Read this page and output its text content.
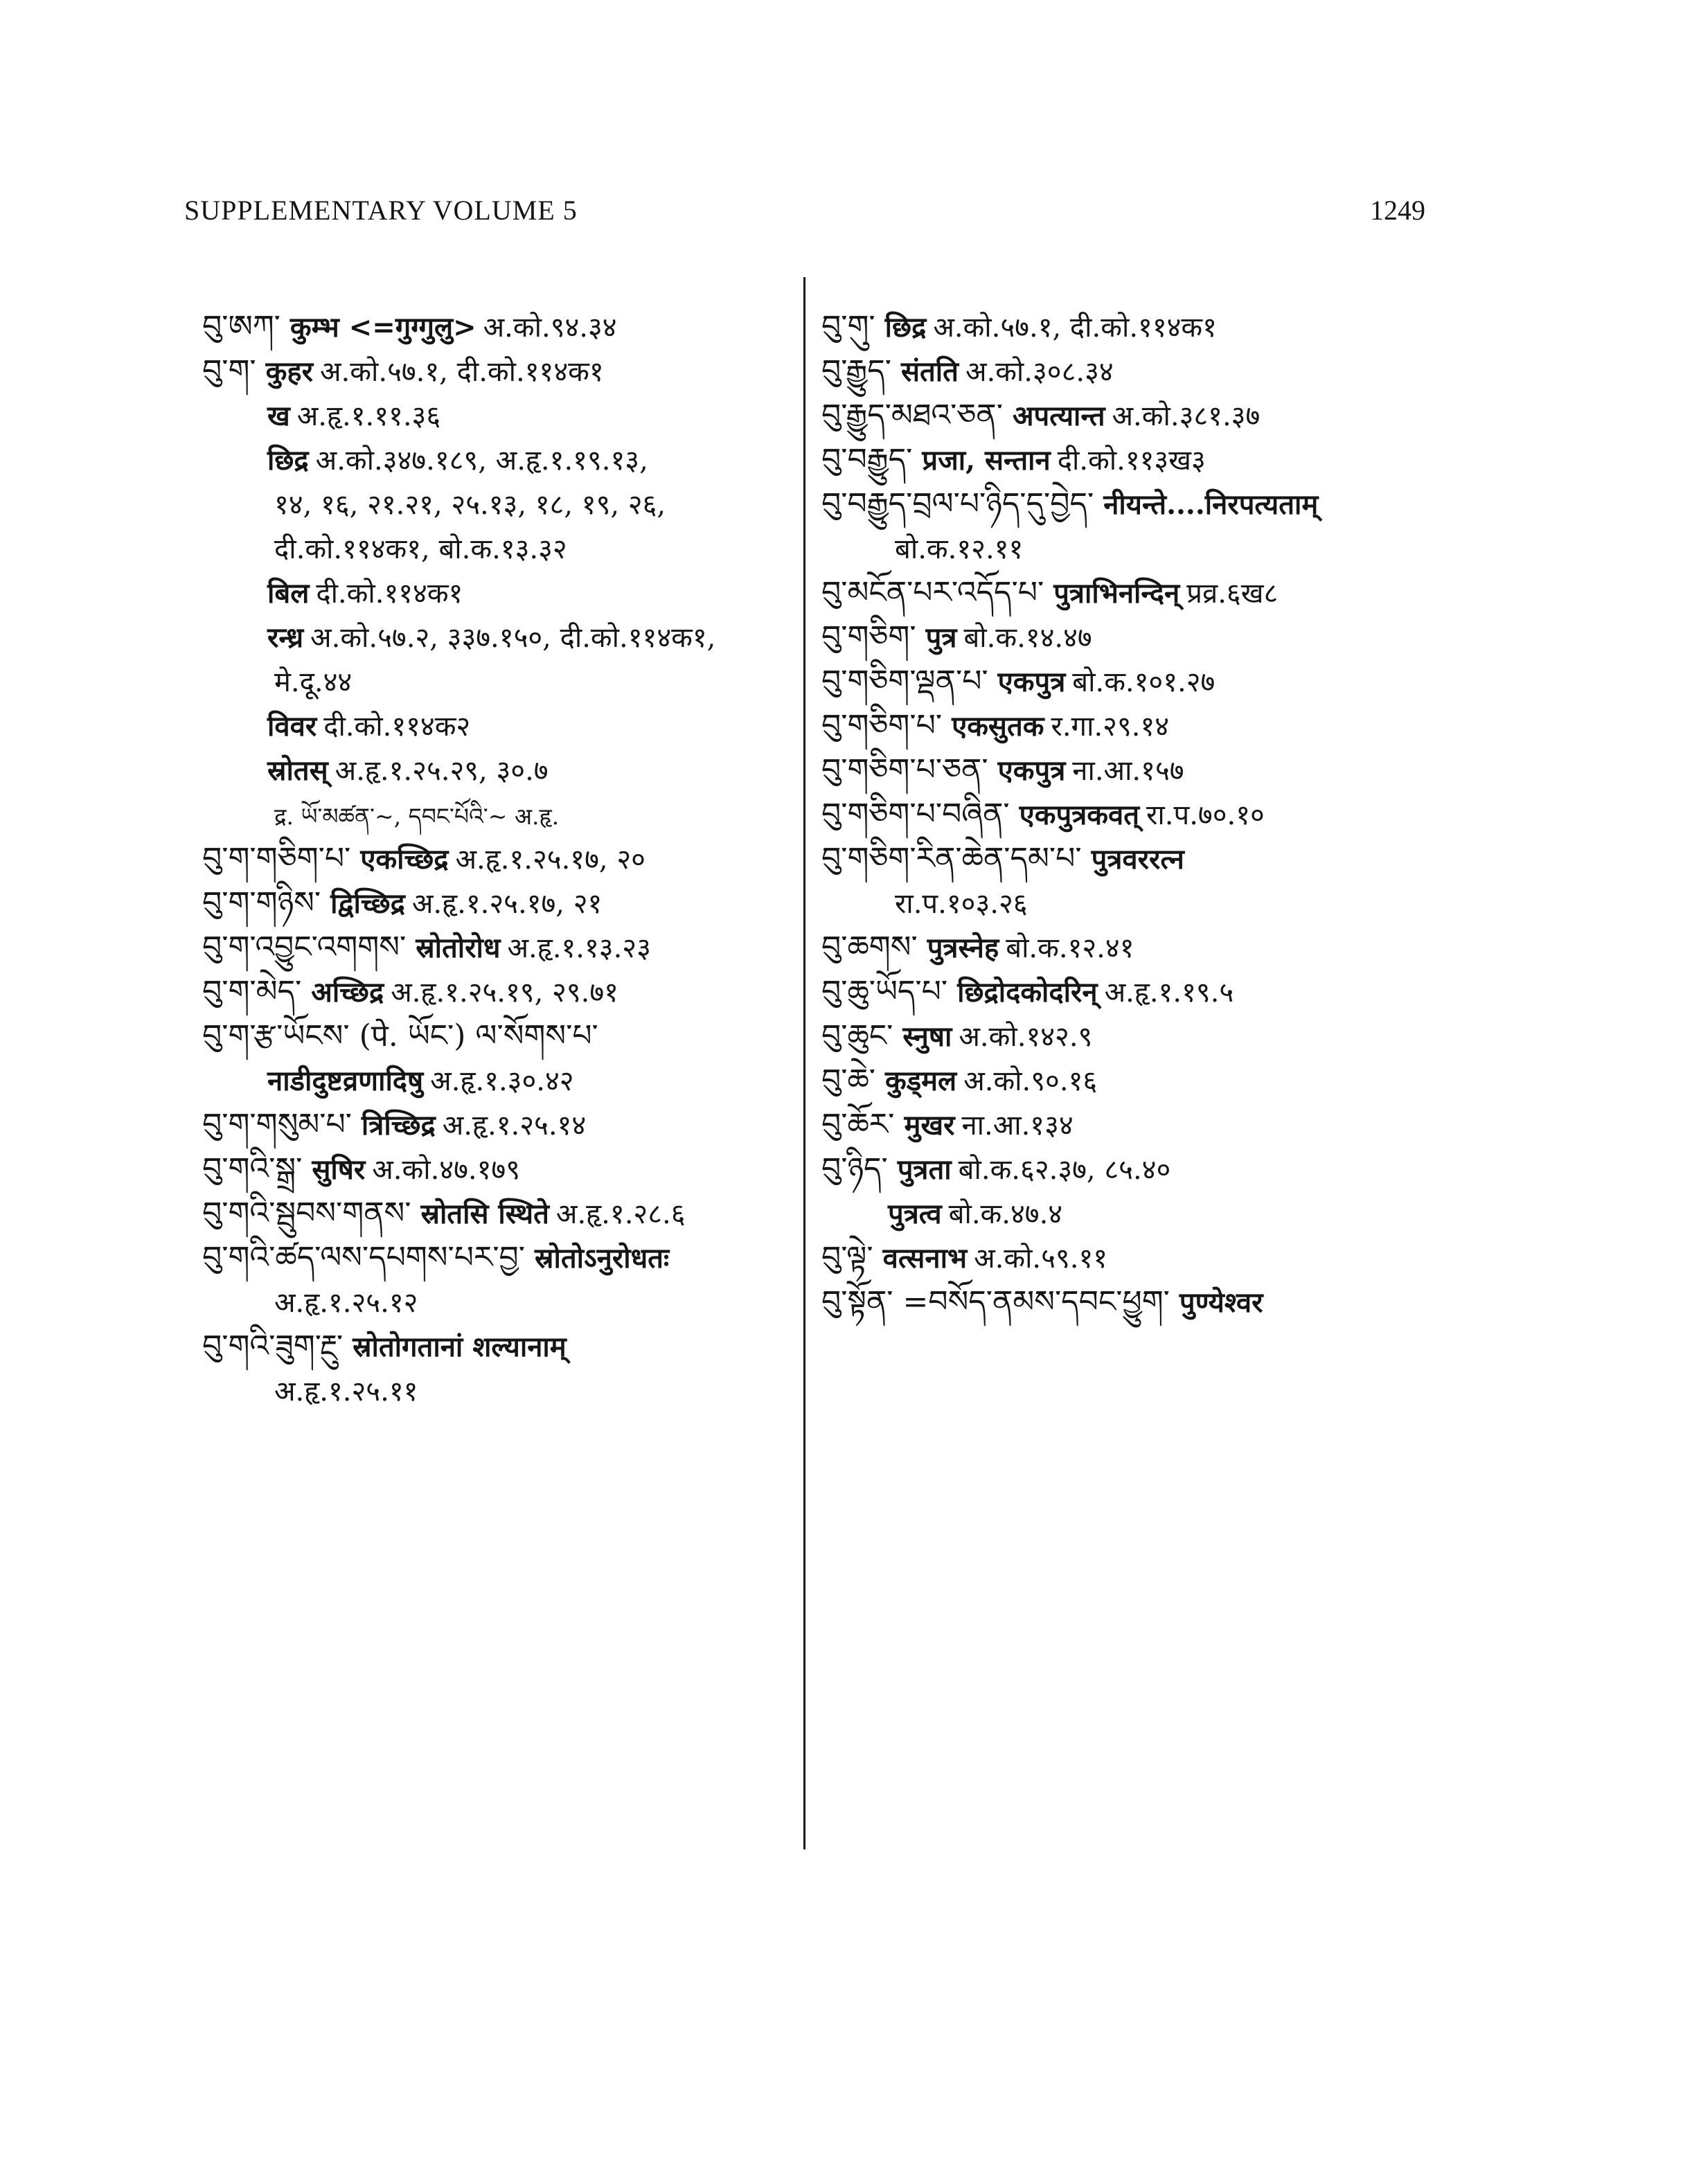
SUPPLEMENTARY VOLUME 5	1249
བུ་ཨཀ་ कुम्भ <=गुग्गुलु> अ.को.९४.३४
བུ་ག་ कुहर अ.को.५७.१, दी.को.११४क१
ख अ.हृ.१.११.३६
छिद्र अ.को.३४७.१८९, अ.हृ.१.१९.१३,
१४, १६, २१.२१, २५.१३, १८, १९, २६,
दी.को.११४क१, बो.क.१३.३२
बिल दी.को.११४क१
रन्ध्र अ.को.५७.२, ३३७.१५०, दी.को.११४क१,
मे.दू.४४
विवर दी.को.११४क२
स्रोतस् अ.हृ.१.२५.२९, ३०.७
द्र. ཡོ་མཚན་~, དབང་པོའི་~ अ.हृ.
བུ་ག་གཅིག་པ་ एकच्छिद्र अ.हृ.१.२५.१७, २०
བུ་ག་གཉིས་ द्विच्छिद्र अ.हृ.१.२५.१७, २१
བུ་ག་འབྱུང་འགགས་ स्रोतोरोध अ.हृ.१.१३.२३
བུ་ག་མེད་ अच्छिद्र अ.हृ.१.२५.१९, २९.७१
བུ་ག་རྩ་ཡོངས་ (पे. ཡོང་) ལ་སོགས་པ་
नाडीदुष्टव्रणादिषु अ.हृ.१.३०.४२
བུ་ག་གསུམ་པ་ त्रिच्छिद्र अ.हृ.१.२५.१४
བུ་གའི་སྒྲ་ सुषिर अ.को.४७.१७९
བུ་གའི་སྦུབས་གནས་ स्रोतसि स्थिते अ.हृ.१.२८.६
བུ་གའི་ཚད་ལས་དཔགས་པར་བྱ་ स्रोतोऽनुरोधतः
अ.हृ.१.२५.१२
བུ་གའི་ཟུག་རྔུ་ स्रोतोगतानां शल्यानाम्
अ.हृ.१.२५.११
བུ་གུ་ छिद्र अ.को.५७.१, दी.को.११४क१
བུ་རྒྱུད་ संतति अ.को.३०८.३४
བུ་རྒྱུད་མཐའ་ཅན་ अपत्यान्त अ.को.३८१.३७
བུ་བརྒྱུད་ प्रजा, सन्तान दी.को.११३ख३
བུ་བརྒྱུད་བྲལ་པ་ཉིད་དུ་བྱེད་ नीयन्ते....निरपत्यताम्
बो.क.१२.११
བུ་མངོན་པར་འདོད་པ་ पुत्राभिनन्दिन् प्रव्र.६ख८
བུ་གཅིག་ पुत्र बो.क.१४.४७
བུ་གཅིག་ལྡན་པ་ एकपुत्र बो.क.१०१.२७
བུ་གཅིག་པ་ एकसुतक र.गा.२९.१४
བུ་གཅིག་པ་ཅན་ एकपुत्र ना.आ.१५७
བུ་གཅིག་པ་བཞིན་ एकपुत्रकवत् रा.प.७०.१०
བུ་གཅིག་རིན་ཆེན་དམ་པ་ पुत्रवररत्न
रा.प.१०३.२६
བུ་ཆགས་ पुत्रस्नेह बो.क.१२.४१
བུ་ཆུ་ཡོད་པ་ छिद्रोदकोदरिन् अ.हृ.१.१९.५
བུ་ཆུང་ स्नुषा अ.को.१४२.९
བུ་ཆེ་ कुड्मल अ.को.९०.१६
བུ་ཆོར་ मुखर ना.आ.१३४
བུ་ཉིད་ पुत्रता बो.क.६२.३७, ८५.४०
पुत्रत्व बो.क.४७.४
བུ་ལྟེ་ वत्सनाभ अ.को.५९.११
བུ་སྟོན་ =བསོད་ནམས་དབང་ཕྱུག་ पुण्येश्वर
